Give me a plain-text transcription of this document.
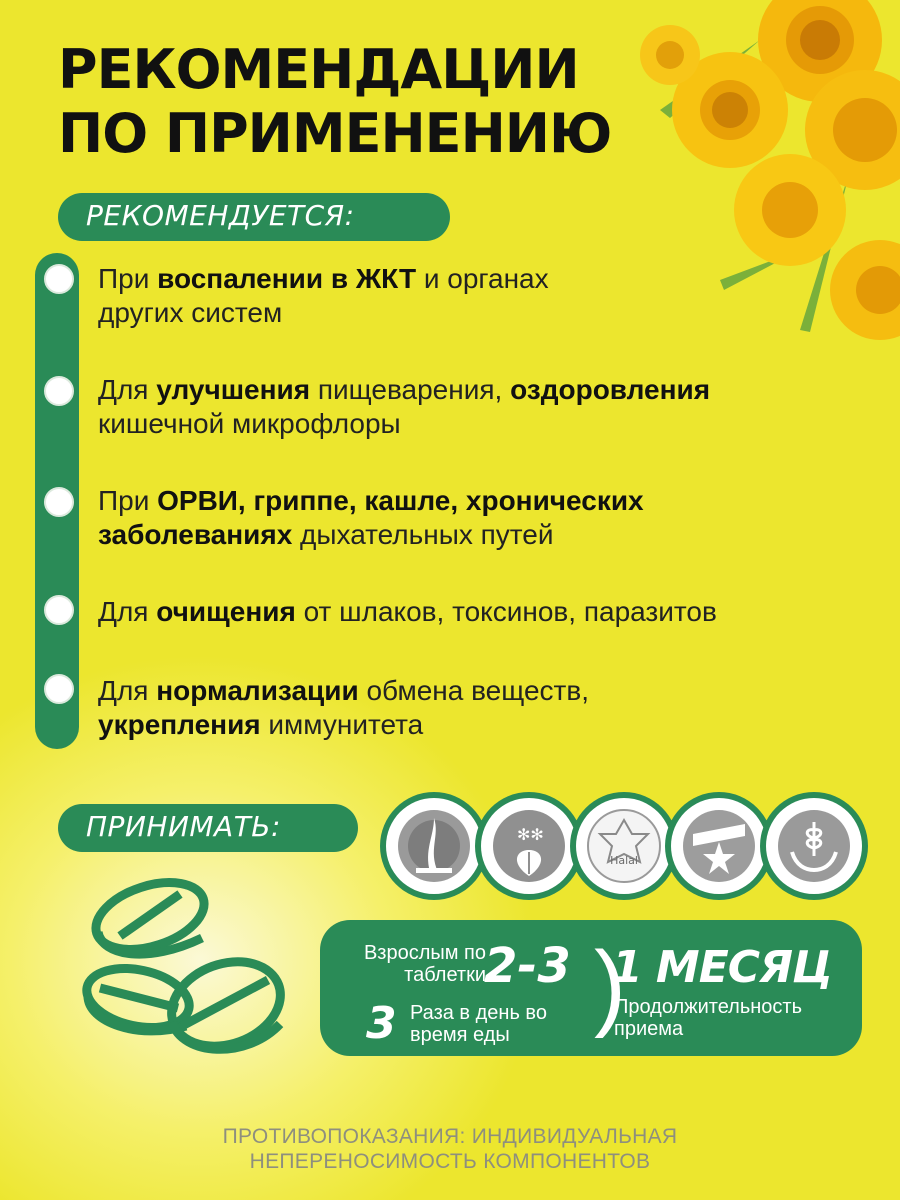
РЕКОМЕНДАЦИИ
ПО ПРИМЕНЕНИЮ
РЕКОМЕНДУЕТСЯ:
При воспалении в ЖКТ и органах
других систем
Для улучшения пищеварения, оздоровления
кишечной микрофлоры
При ОРВИ, гриппе, кашле, хронических
заболеваниях дыхательных путей
Для очищения от шлаков, токсинов, паразитов
Для нормализации обмена веществ,
укрепления иммунитета
ПРИНИМАТЬ:	✻✻
Halal
Взрослым по таблетки
2-3
3 Раза в день во время еды )
1 МЕСЯЦ
Продолжительность приема
ПРОТИВОПОКАЗАНИЯ: ИНДИВИДУАЛЬНАЯ
НЕПЕРЕНОСИМОСТЬ КОМПОНЕНТОВ
